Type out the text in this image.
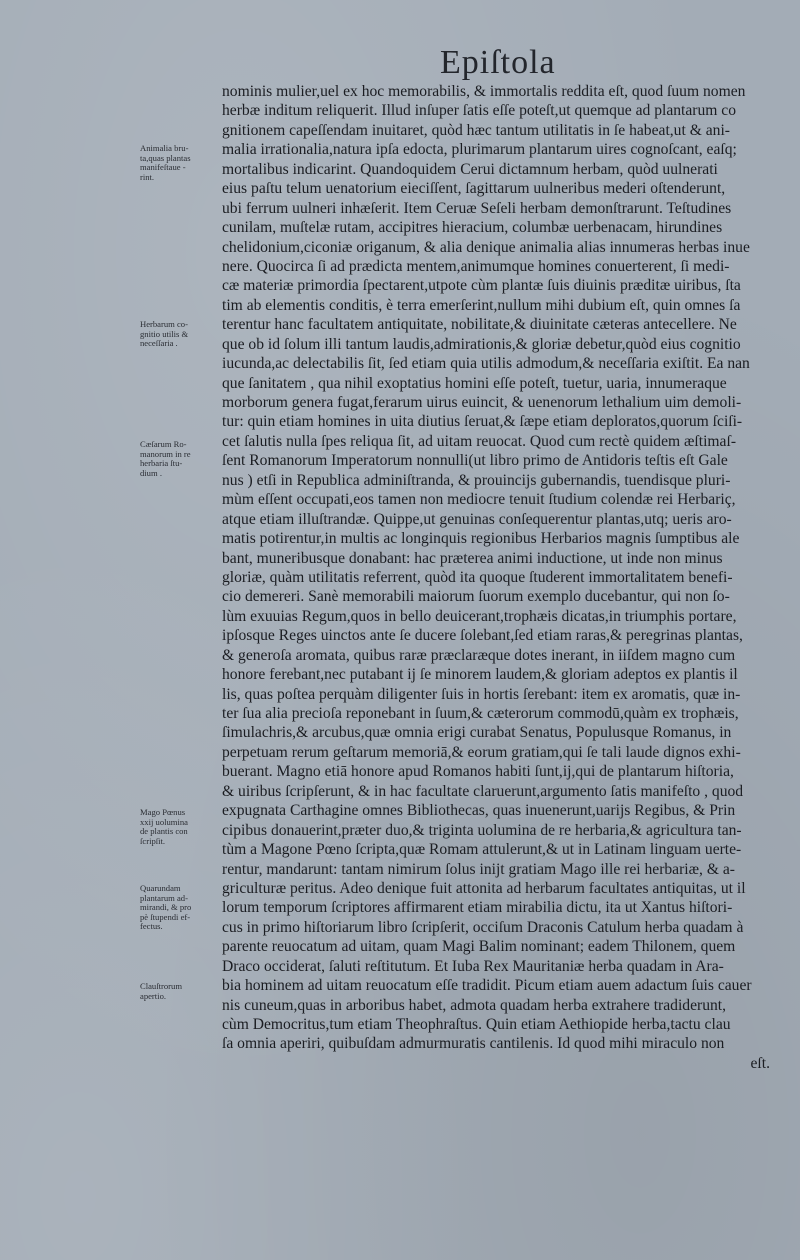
Epiſtola
Animalia bru-
ta,quas plantas
manifeſtaue -
rint.
Herbarum co-
gnitio utilis &
neceſſaria .
Cæſarum Ro-
manorum in re
herbaria ſtu-
dium .
Mago Pœnus
xxij uolumina
de plantis con
ſcripſit.
Quarundam
plantarum ad-
mirandi, & pro
pè ſtupendi ef-
fectus.
Clauſtrorum
apertio.
nominis mulier,uel ex hoc memorabilis, & immortalis reddita eſt, quod ſuum nomen
herbæ inditum reliquerit. Illud inſuper ſatis eſſe poteſt,ut quemque ad plantarum co
gnitionem capeſſendam inuitaret, quòd hæc tantum utilitatis in ſe habeat,ut & ani-
malia irrationalia,natura ipſa edocta, plurimarum plantarum uires cognoſcant, eaſq;
mortalibus indicarint. Quandoquidem Cerui dictamnum herbam, quòd uulnerati
eius paſtu telum uenatorium eieciſſent, ſagittarum uulneribus mederi oſtenderunt,
ubi ferrum uulneri inhæſerit. Item Ceruæ Seſeli herbam demonſtrarunt. Teſtudines
cunilam, muſtelæ rutam, accipitres hieracium, columbæ uerbenacam, hirundines
chelidonium,ciconiæ origanum, & alia denique animalia alias innumeras herbas inue
nere. Quocirca ſi ad prædicta mentem,animumque homines conuerterent, ſi medi-
cæ materiæ primordia ſpectarent,utpote cùm plantæ ſuis diuinis præditæ uiribus, ſta
tim ab elementis conditis, è terra emerſerint,nullum mihi dubium eſt, quin omnes ſa
terentur hanc facultatem antiquitate, nobilitate,& diuinitate cæteras antecellere. Ne
que ob id ſolum illi tantum laudis,admirationis,& gloriæ debetur,quòd eius cognitio
iucunda,ac delectabilis ſit, ſed etiam quia utilis admodum,& neceſſaria exiſtit. Ea nan
que ſanitatem , qua nihil exoptatius homini eſſe poteſt, tuetur, uaria, innumeraque
morborum genera fugat,ferarum uirus euincit, & uenenorum lethalium uim demoli-
tur: quin etiam homines in uita diutius ſeruat,& ſæpe etiam deploratos,quorum ſciſi-
cet ſalutis nulla ſpes reliqua ſit, ad uitam reuocat. Quod cum rectè quidem æſtimaſ-
ſent Romanorum Imperatorum nonnulli(ut libro primo de Antidoris teſtis eſt Gale
nus ) etſi in Republica adminiſtranda, & prouincijs gubernandis, tuendisque pluri-
mùm eſſent occupati,eos tamen non mediocre tenuit ſtudium colendæ rei Herbariç,
atque etiam illuſtrandæ. Quippe,ut genuinas conſequerentur plantas,utq; ueris aro-
matis potirentur,in multis ac longinquis regionibus Herbarios magnis ſumptibus ale
bant, muneribusque donabant: hac præterea animi inductione, ut inde non minus
gloriæ, quàm utilitatis referrent, quòd ita quoque ſtuderent immortalitatem benefi-
cio demereri. Sanè memorabili maiorum ſuorum exemplo ducebantur, qui non ſo-
lùm exuuias Regum,quos in bello deuicerant,trophæis dicatas,in triumphis portare,
ipſosque Reges uinctos ante ſe ducere ſolebant,ſed etiam raras,& peregrinas plantas,
& generoſa aromata, quibus raræ præclaræque dotes inerant, in iiſdem magno cum
honore ferebant,nec putabant ij ſe minorem laudem,& gloriam adeptos ex plantis il
lis, quas poſtea perquàm diligenter ſuis in hortis ſerebant: item ex aromatis, quæ in-
ter ſua alia precioſa reponebant in ſuum,& cæterorum commodū,quàm ex trophæis,
ſimulachris,& arcubus,quæ omnia erigi curabat Senatus, Populusque Romanus, in
perpetuam rerum geſtarum memoriā,& eorum gratiam,qui ſe tali laude dignos exhi-
buerant. Magno etiā honore apud Romanos habiti ſunt,ij,qui de plantarum hiſtoria,
& uiribus ſcripſerunt, & in hac facultate claruerunt,argumento ſatis manifeſto , quod
expugnata Carthagine omnes Bibliothecas, quas inuenerunt,uarijs Regibus, & Prin
cipibus donauerint,præter duo,& triginta uolumina de re herbaria,& agricultura tan-
tùm a Magone Pœno ſcripta,quæ Romam attulerunt,& ut in Latinam linguam uerte-
rentur, mandarunt: tantam nimirum ſolus inijt gratiam Mago ille rei herbariæ, & a-
griculturæ peritus. Adeo denique fuit attonita ad herbarum facultates antiquitas, ut il
lorum temporum ſcriptores affirmarent etiam mirabilia dictu, ita ut Xantus hiſtori-
cus in primo hiſtoriarum libro ſcripſerit, occiſum Draconis Catulum herba quadam à
parente reuocatum ad uitam, quam Magi Balim nominant; eadem Thilonem, quem
Draco occiderat, ſaluti reſtitutum. Et Iuba Rex Mauritaniæ herba quadam in Ara-
bia hominem ad uitam reuocatum eſſe tradidit. Picum etiam auem adactum ſuis cauer
nis cuneum,quas in arboribus habet, admota quadam herba extrahere tradiderunt,
cùm Democritus,tum etiam Theophraſtus. Quin etiam Aethiopide herba,tactu clau
ſa omnia aperiri, quibuſdam admurmuratis cantilenis. Id quod mihi miraculo non
eſt.
